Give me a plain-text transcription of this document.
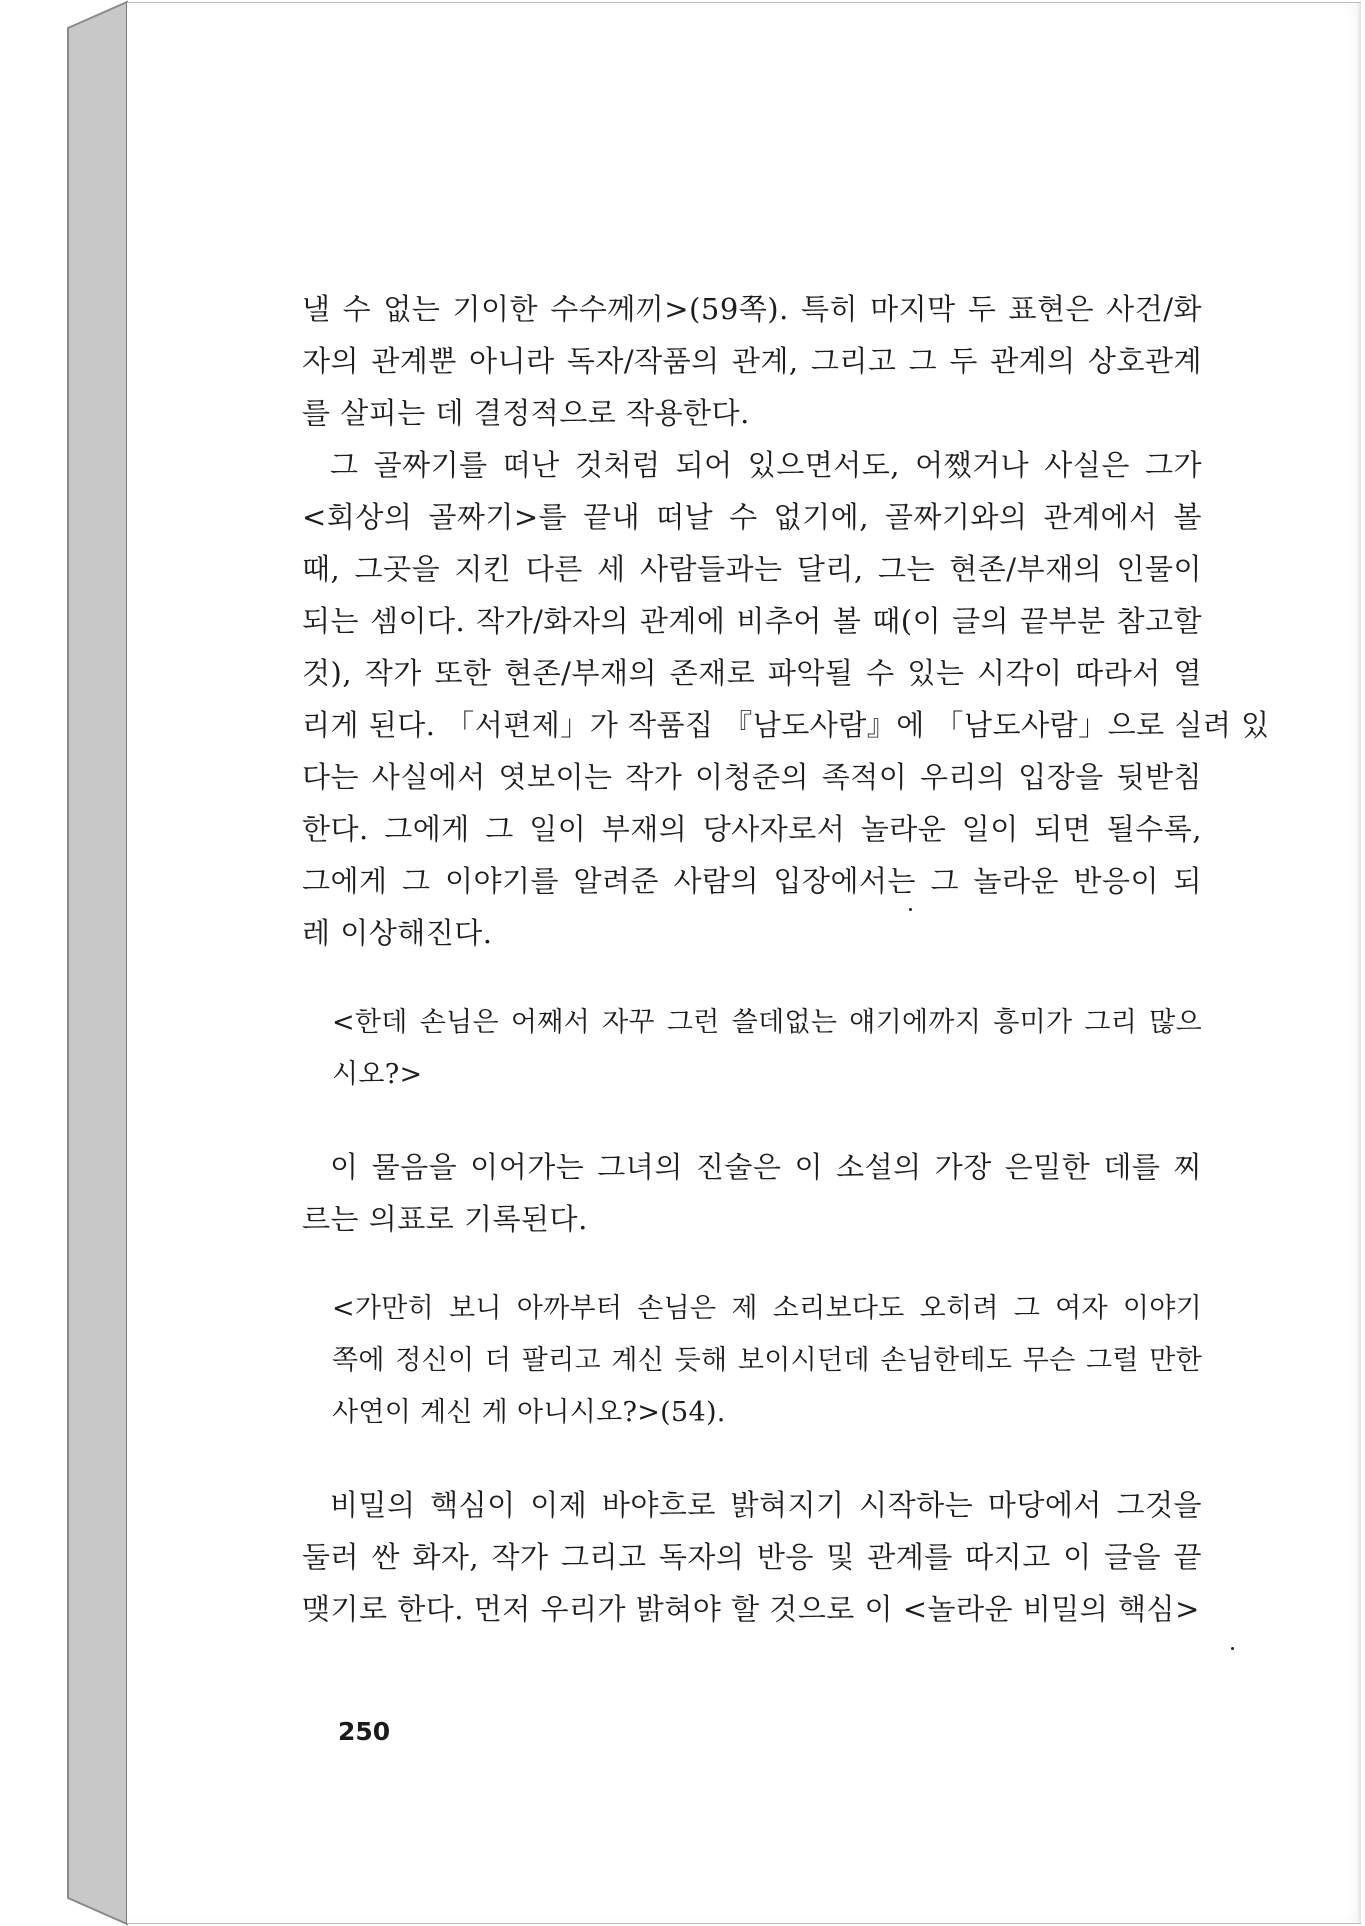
낼 수 없는 기이한 수수께끼>(59쪽). 특히 마지막 두 표현은 사건/화
자의 관계뿐 아니라 독자/작품의 관계, 그리고 그 두 관계의 상호관계
를 살피는 데 결정적으로 작용한다.

그 골짜기를 떠난 것처럼 되어 있으면서도, 어쨌거나 사실은 그가
<회상의 골짜기>를 끝내 떠날 수 없기에, 골짜기와의 관계에서 볼
때, 그곳을 지킨 다른 세 사람들과는 달리, 그는 현존/부재의 인물이
되는 셈이다. 작가/화자의 관계에 비추어 볼 때(이 글의 끝부분 참고할
것), 작가 또한 현존/부재의 존재로 파악될 수 있는 시각이 따라서 열
리게 된다. 「서편제」가 작품집 『남도사람』에 「남도사람」으로 실려 있
다는 사실에서 엿보이는 작가 이청준의 족적이 우리의 입장을 뒷받침
한다. 그에게 그 일이 부재의 당사자로서 놀라운 일이 되면 될수록,
그에게 그 이야기를 알려준 사람의 입장에서는 그 놀라운 반응이 되
레 이상해진다.

<한데 손님은 어째서 자꾸 그런 쓸데없는 얘기에까지 흥미가 그리 많으
시오?>

이 물음을 이어가는 그녀의 진술은 이 소설의 가장 은밀한 데를 찌
르는 의표로 기록된다.

<가만히 보니 아까부터 손님은 제 소리보다도 오히려 그 여자 이야기
쪽에 정신이 더 팔리고 계신 듯해 보이시던데 손님한테도 무슨 그럴 만한
사연이 계신 게 아니시오?>(54).

비밀의 핵심이 이제 바야흐로 밝혀지기 시작하는 마당에서 그것을
둘러 싼 화자, 작가 그리고 독자의 반응 및 관계를 따지고 이 글을 끝
맺기로 한다. 먼저 우리가 밝혀야 할 것으로 이 <놀라운 비밀의 핵심>

250
